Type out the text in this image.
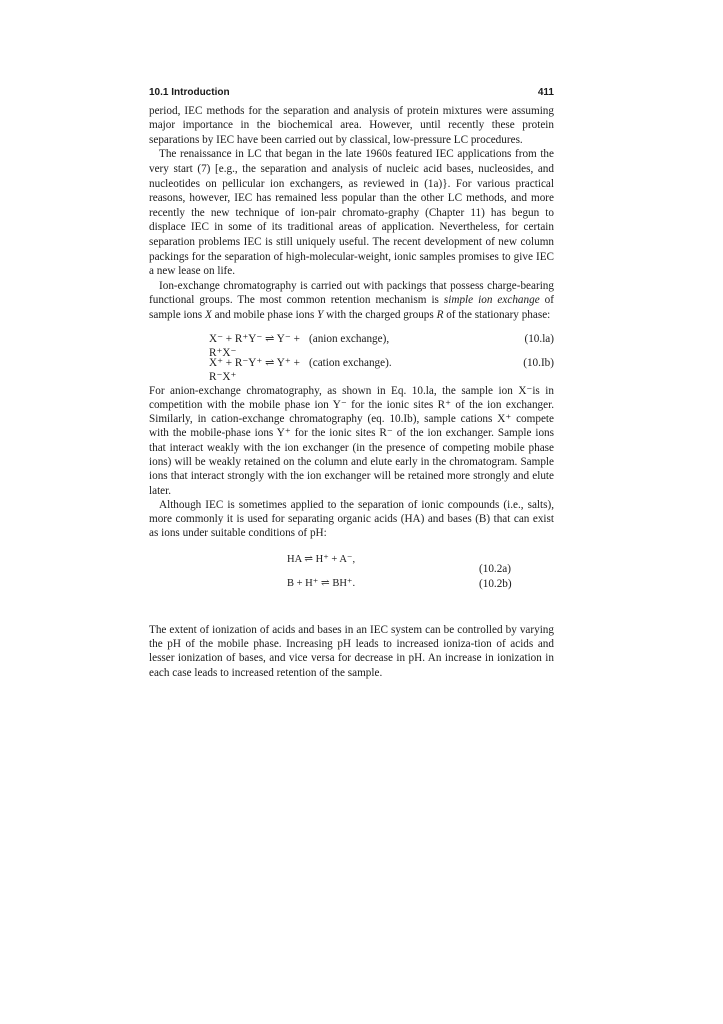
10.1 Introduction	411

period, IEC methods for the separation and analysis of protein mixtures were assuming major importance in the biochemical area. However, until recently these protein separations by IEC have been carried out by classical, low-pressure LC procedures.

The renaissance in LC that began in the late 1960s featured IEC applications from the very start (7) [e.g., the separation and analysis of nucleic acid bases, nucleosides, and nucleotides on pellicular ion exchangers, as reviewed in (1a)}. For various practical reasons, however, IEC has remained less popular than the other LC methods, and more recently the new technique of ion-pair chromato-graphy (Chapter 11) has begun to displace IEC in some of its traditional areas of application. Nevertheless, for certain separation problems IEC is still uniquely useful. The recent development of new column packings for the separation of high-molecular-weight, ionic samples promises to give IEC a new lease on life.

Ion-exchange chromatography is carried out with packings that possess charge-bearing functional groups. The most common retention mechanism is simple ion exchange of sample ions X and mobile phase ions Y with the charged groups R of the stationary phase:

X⁻ + R⁺Y⁻ ⇌ Y⁻ + R⁺X⁻
(anion exchange),	(10.la)
X⁺ + R⁻Y⁺ ⇌ Y⁺ + R⁻X⁺
(cation exchange).	(10.Ib)

For anion-exchange chromatography, as shown in Eq. 10.la, the sample ion X⁻is in competition with the mobile phase ion Y⁻ for the ionic sites R⁺ of the ion exchanger. Similarly, in cation-exchange chromatography (eq. 10.Ib), sample cations X⁺ compete with the mobile-phase ions Y⁺ for the ionic sites R⁻ of the ion exchanger. Sample ions that interact weakly with the ion exchanger (in the presence of competing mobile phase ions) will be weakly retained on the column and elute early in the chromatogram. Sample ions that interact strongly with the ion exchanger will be retained more strongly and elute later.

Although IEC is sometimes applied to the separation of ionic compounds (i.e., salts), more commonly it is used for separating organic acids (HA) and bases (B) that can exist as ions under suitable conditions of pH:

HA ⇌ H⁺ + A⁻,
B + H⁺ ⇌ BH⁺.
(10.2a)
(10.2b)

The extent of ionization of acids and bases in an IEC system can be controlled by varying the pH of the mobile phase. Increasing pH leads to increased ioniza-tion of acids and lesser ionization of bases, and vice versa for decrease in pH. An increase in ionization in each case leads to increased retention of the sample.
